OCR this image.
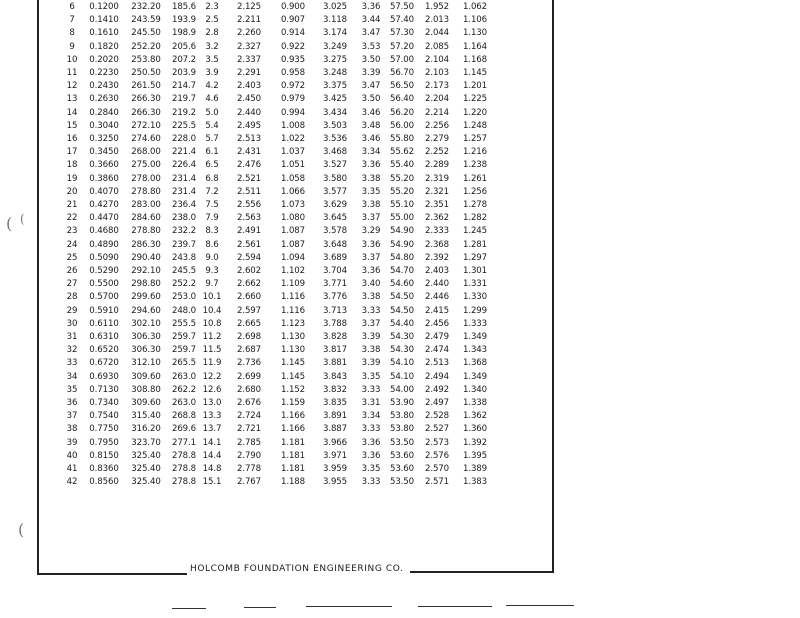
( (
(
6 0.1200 232.20 185.6 2.3 2.125 0.900 3.025 3.36 57.50 1.952 1.062
7 0.1410 243.59 193.9 2.5 2.211 0.907 3.118 3.44 57.40 2.013 1.106
8 0.1610 245.50 198.9 2.8 2.260 0.914 3.174 3.47 57.30 2.044 1.130
9 0.1820 252.20 205.6 3.2 2.327 0.922 3.249 3.53 57.20 2.085 1.164
10 0.2020 253.80 207.2 3.5 2.337 0.935 3.275 3.50 57.00 2.104 1.168
11 0.2230 250.50 203.9 3.9 2.291 0.958 3.248 3.39 56.70 2.103 1.145
12 0.2430 261.50 214.7 4.2 2.403 0.972 3.375 3.47 56.50 2.173 1.201
13 0.2630 266.30 219.7 4.6 2.450 0.979 3.425 3.50 56.40 2.204 1.225
14 0.2840 266.30 219.2 5.0 2.440 0.994 3.434 3.46 56.20 2.214 1.220
15 0.3040 272.10 225.5 5.4 2.495 1.008 3.503 3.48 56.00 2.256 1.248
16 0.3250 274.60 228.0 5.7 2.513 1.022 3.536 3.46 55.80 2.279 1.257
17 0.3450 268.00 221.4 6.1 2.431 1.037 3.468 3.34 55.62 2.252 1.216
18 0.3660 275.00 226.4 6.5 2.476 1.051 3.527 3.36 55.40 2.289 1.238
19 0.3860 278.00 231.4 6.8 2.521 1.058 3.580 3.38 55.20 2.319 1.261
20 0.4070 278.80 231.4 7.2 2.511 1.066 3.577 3.35 55.20 2.321 1.256
21 0.4270 283.00 236.4 7.5 2.556 1.073 3.629 3.38 55.10 2.351 1.278
22 0.4470 284.60 238.0 7.9 2.563 1.080 3.645 3.37 55.00 2.362 1.282
23 0.4680 278.80 232.2 8.3 2.491 1.087 3.578 3.29 54.90 2.333 1.245
24 0.4890 286.30 239.7 8.6 2.561 1.087 3.648 3.36 54.90 2.368 1.281
25 0.5090 290.40 243.8 9.0 2.594 1.094 3.689 3.37 54.80 2.392 1.297
26 0.5290 292.10 245.5 9.3 2.602 1.102 3.704 3.36 54.70 2.403 1.301
27 0.5500 298.80 252.2 9.7 2.662 1.109 3.771 3.40 54.60 2.440 1.331
28 0.5700 299.60 253.0 10.1 2.660 1.116 3.776 3.38 54.50 2.446 1.330
29 0.5910 294.60 248.0 10.4 2.597 1.116 3.713 3.33 54.50 2.415 1.299
30 0.6110 302.10 255.5 10.8 2.665 1.123 3.788 3.37 54.40 2.456 1.333
31 0.6310 306.30 259.7 11.2 2.698 1.130 3.828 3.39 54.30 2.479 1.349
32 0.6520 306.30 259.7 11.5 2.687 1.130 3.817 3.38 54.30 2.474 1.343
33 0.6720 312.10 265.5 11.9 2.736 1.145 3.881 3.39 54.10 2.513 1.368
34 0.6930 309.60 263.0 12.2 2.699 1.145 3.843 3.35 54.10 2.494 1.349
35 0.7130 308.80 262.2 12.6 2.680 1.152 3.832 3.33 54.00 2.492 1.340
36 0.7340 309.60 263.0 13.0 2.676 1.159 3.835 3.31 53.90 2.497 1.338
37 0.7540 315.40 268.8 13.3 2.724 1.166 3.891 3.34 53.80 2.528 1.362
38 0.7750 316.20 269.6 13.7 2.721 1.166 3.887 3.33 53.80 2.527 1.360
39 0.7950 323.70 277.1 14.1 2.785 1.181 3.966 3.36 53.50 2.573 1.392
40 0.8150 325.40 278.8 14.4 2.790 1.181 3.971 3.36 53.60 2.576 1.395
41 0.8360 325.40 278.8 14.8 2.778 1.181 3.959 3.35 53.60 2.570 1.389
42 0.8560 325.40 278.8 15.1 2.767 1.188 3.955 3.33 53.50 2.571 1.383
HOLCOMB FOUNDATION ENGINEERING CO.
